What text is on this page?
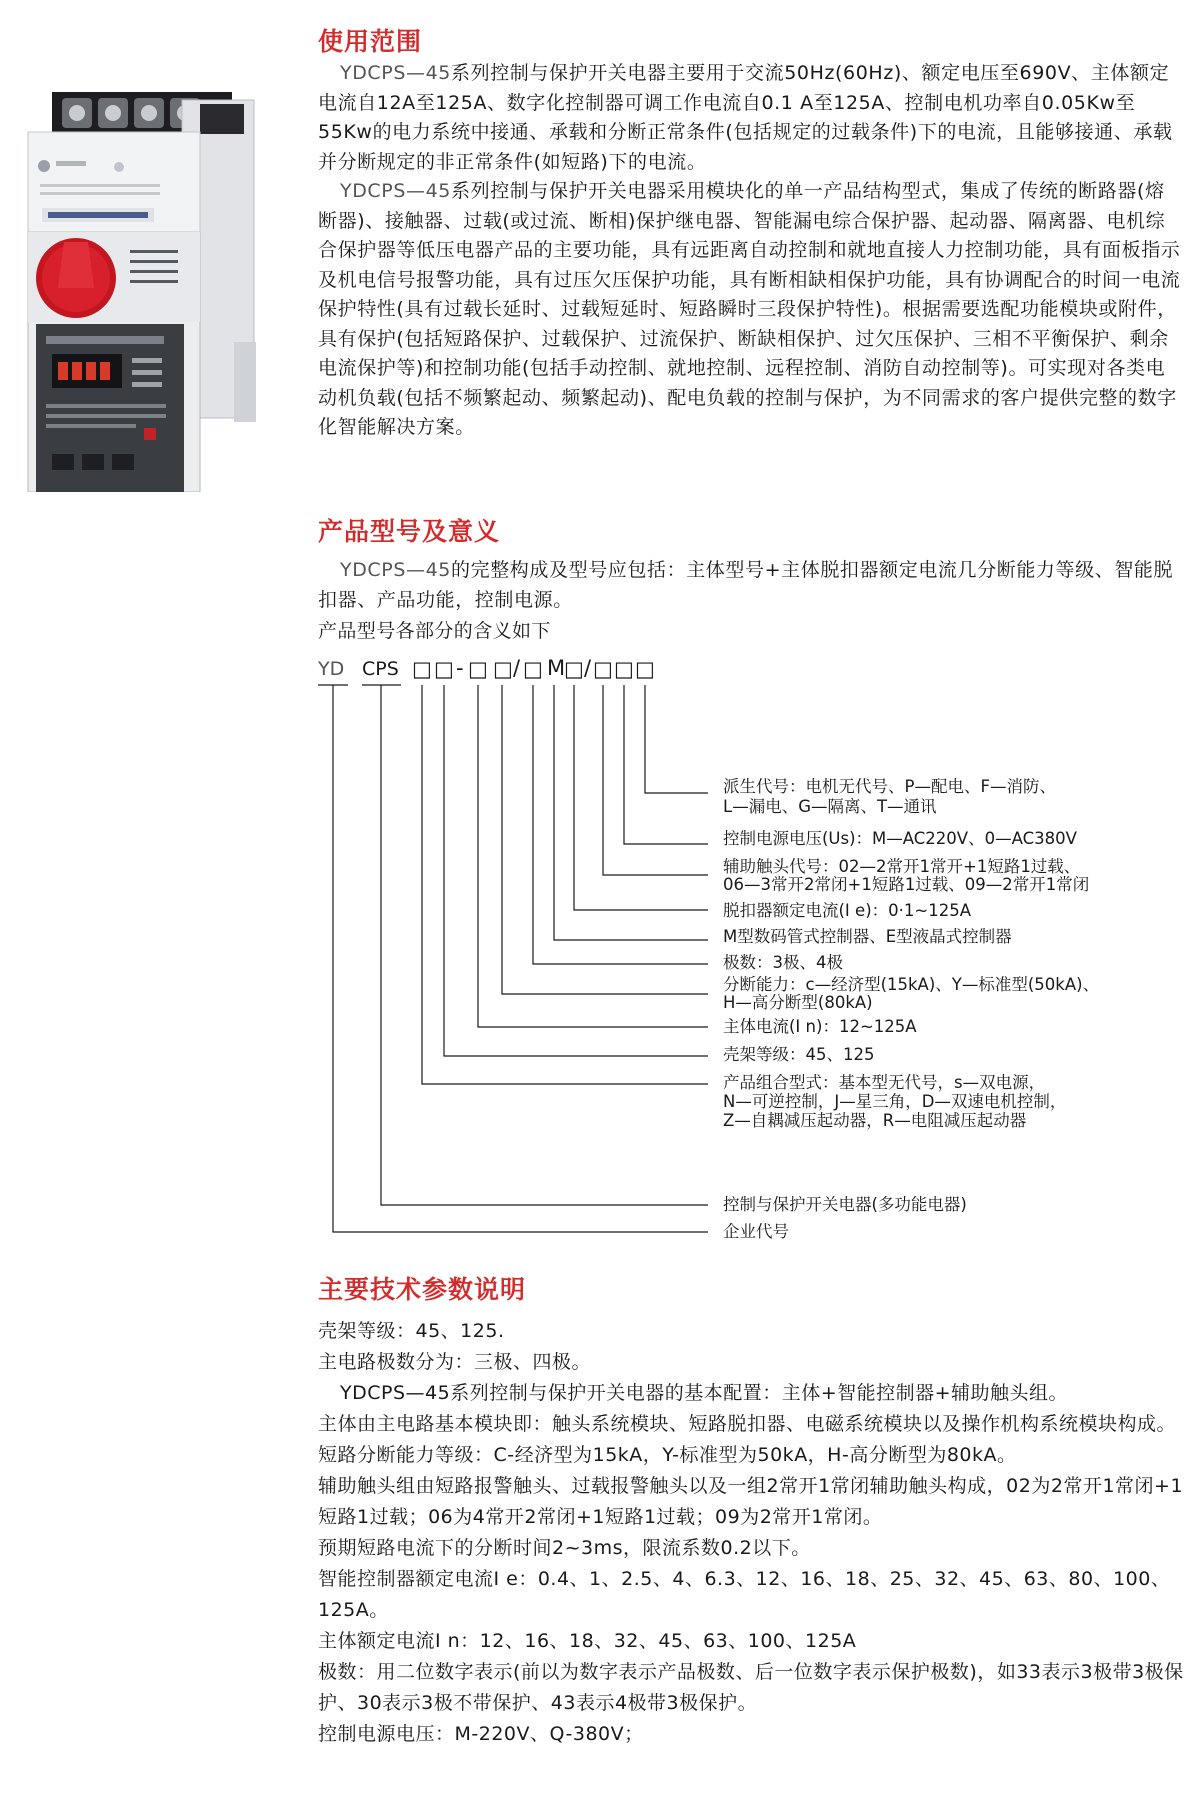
使用范围

YDCPS—45系列控制与保护开关电器主要用于交流50Hz(60Hz)、额定电压至690V、主体额定电流自12A至125A、数字化控制器可调工作电流自0.1 A至125A、控制电机功率自0.05Kw至55Kw的电力系统中接通、承载和分断正常条件(包括规定的过载条件)下的电流，且能够接通、承载并分断规定的非正常条件(如短路)下的电流。

YDCPS—45系列控制与保护开关电器采用模块化的单一产品结构型式，集成了传统的断路器(熔断器)、接触器、过载(或过流、断相)保护继电器、智能漏电综合保护器、起动器、隔离器、电机综合保护器等低压电器产品的主要功能，具有远距离自动控制和就地直接人力控制功能，具有面板指示及机电信号报警功能，具有过压欠压保护功能，具有断相缺相保护功能，具有协调配合的时间一电流保护特性(具有过载长延时、过载短延时、短路瞬时三段保护特性)。根据需要选配功能模块或附件，具有保护(包括短路保护、过载保护、过流保护、断缺相保护、过欠压保护、三相不平衡保护、剩余电流保护等)和控制功能(包括手动控制、就地控制、远程控制、消防自动控制等)。可实现对各类电动机负载(包括不频繁起动、频繁起动)、配电负载的控制与保护，为不同需求的客户提供完整的数字化智能解决方案。

产品型号及意义

YDCPS—45的完整构成及型号应包括：主体型号+主体脱扣器额定电流几分断能力等级、智能脱扣器、产品功能，控制电源。

产品型号各部分的含义如下

主要技术参数说明

壳架等级：45、125.

主电路极数分为：三极、四极。

YDCPS—45系列控制与保护开关电器的基本配置：主体+智能控制器+辅助触头组。

主体由主电路基本模块即：触头系统模块、短路脱扣器、电磁系统模块以及操作机构系统模块构成。

短路分断能力等级：C-经济型为15kA，Y-标准型为50kA，H-高分断型为80kA。

辅助触头组由短路报警触头、过载报警触头以及一组2常开1常闭辅助触头构成，02为2常开1常闭+1短路1过载；06为4常开2常闭+1短路1过载；09为2常开1常闭。

预期短路电流下的分断时间2~3ms，限流系数0.2以下。

智能控制器额定电流I e：0.4、1、2.5、4、6.3、12、16、18、25、32、45、63、80、100、125A。

主体额定电流I n：12、16、18、32、45、63、100、125A

极数：用二位数字表示(前以为数字表示产品极数、后一位数字表示保护极数)，如33表示3极带3极保护、30表示3极不带保护、43表示4极带3极保护。

控制电源电压：M-220V、Q-380V；

YD CPS □ □ - □ □ / □ M
□ / □ □ □
派生代号：电机无代号、P—配电、F—消防、
L—漏电、G—隔离、T—通讯
控制电源电压(Us)：M—AC220V、0—AC380V
辅助触头代号：02—2常开1常开+1短路1过载、
06—3常开2常闭+1短路1过载、09—2常开1常闭
脱扣器额定电流(I e)：0·1~125A
M型数码管式控制器、E型液晶式控制器
极数：3极、4极
分断能力：c—经济型(15kA)、Y—标准型(50kA)、
H—高分断型(80kA)
主体电流(I n)：12~125A
壳架等级：45、125
产品组合型式：基本型无代号，s—双电源，
N—可逆控制，J—星三角，D—双速电机控制，
Z—自耦减压起动器，R—电阻减压起动器
控制与保护开关电器(多功能电器)
企业代号
